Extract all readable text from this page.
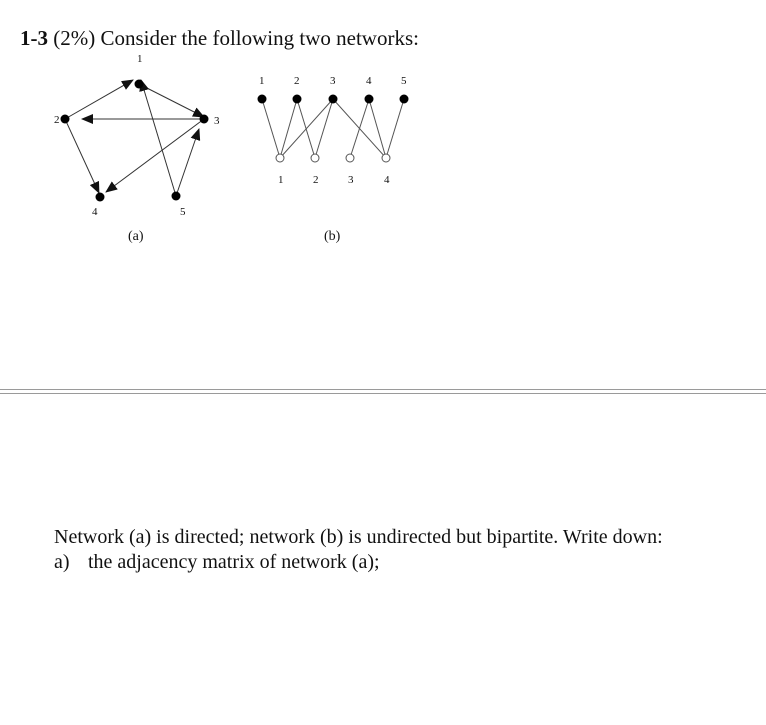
1-3 (2%) Consider the following two networks:
1
2	3
4	5
(a)
1	2	3	4	5
1	2	3	4
(b)
Network (a) is directed; network (b) is undirected but bipartite. Write down:
a) the adjacency matrix of network (a);
